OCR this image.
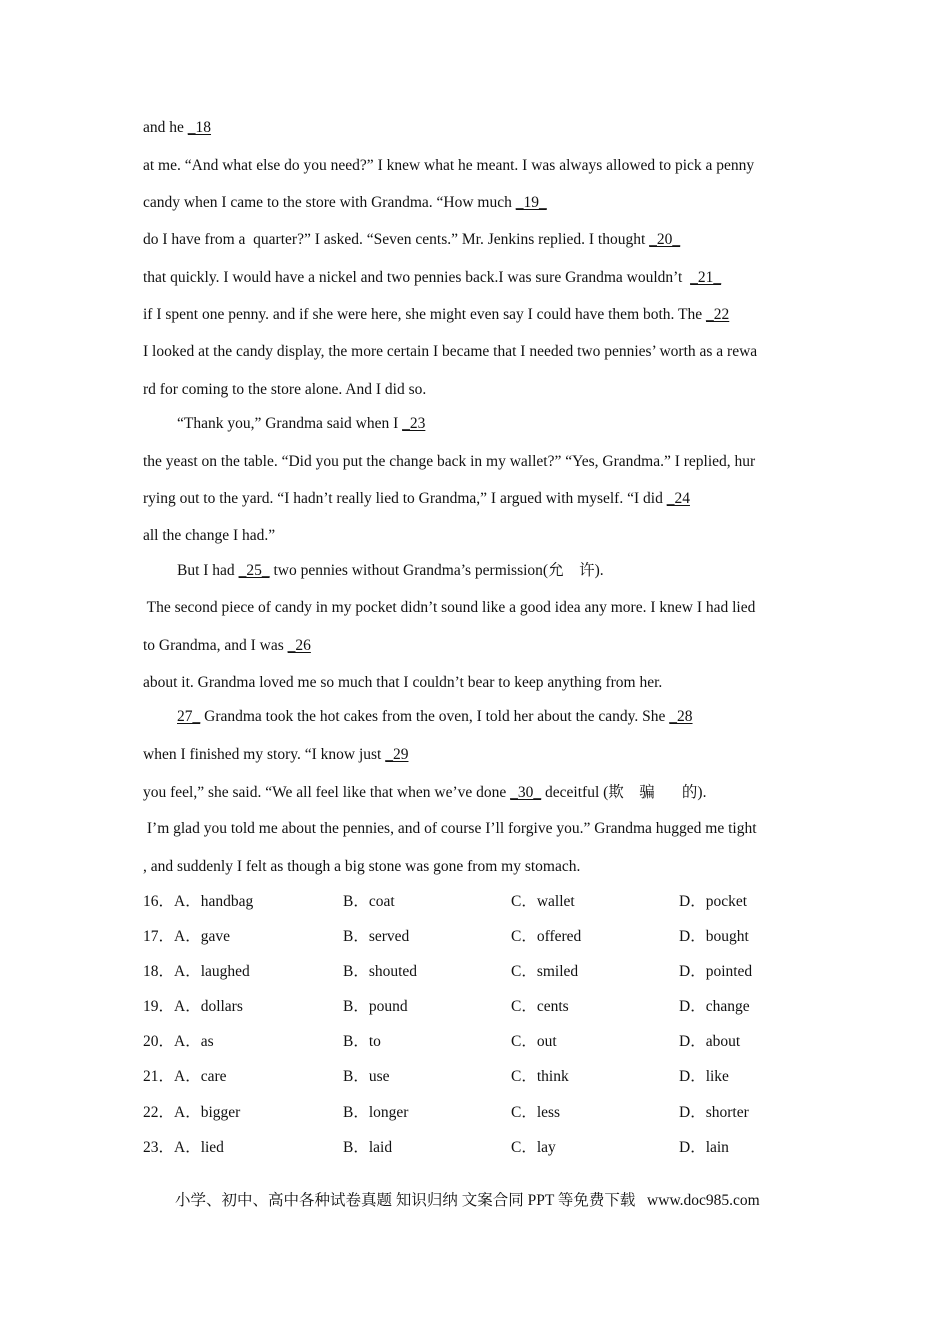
and he _18
at me. “And what else do you need?” I knew what he meant. I was always allowed to pick a penny
candy when I came to the store with Grandma. “How much _19_
do I have from a  quarter?” I asked. “Seven cents.” Mr. Jenkins replied. I thought _20_
that quickly. I would have a nickel and two pennies back.I was sure Grandma wouldn’t  _21_
if I spent one penny. and if she were here, she might even say I could have them both. The _22
I looked at the candy display, the more certain I became that I needed two pennies’ worth as a rewa
rd for coming to the store alone. And I did so.
“Thank you,” Grandma said when I _23
the yeast on the table. “Did you put the change back in my wallet?” “Yes, Grandma.” I replied, hur
rying out to the yard. “I hadn’t really lied to Grandma,” I argued with myself. “I did _24
all the change I had.”
But I had _25_ two pennies without Grandma’s permission(允    许).
The second piece of candy in my pocket didn’t sound like a good idea any more. I knew I had lied
to Grandma, and I was _26
about it. Grandma loved me so much that I couldn’t bear to keep anything from her.
27_ Grandma took the hot cakes from the oven, I told her about the candy. She _28
when I finished my story. “I know just _29
you feel,” she said. “We all feel like that when we’ve done _30_ deceitful (欺    骗       的).
I’m glad you told me about the pennies, and of course I’ll forgive you.” Grandma hugged me tight
, and suddenly I felt as though a big stone was gone from my stomach.
16．A．handbag	B．coat	C．wallet	D．pocket
17．A．gave	B．served	C．offered	D．bought
18．A．laughed	B．shouted	C．smiled	D．pointed
19．A．dollars	B．pound	C．cents	D．change
20．A．as	B．to	C．out	D．about
21．A．care	B．use	C．think	D．like
22．A．bigger	B．longer	C．less	D．shorter
23．A．lied	B．laid	C．lay	D．lain
小学、初中、高中各种试卷真题 知识归纳 文案合同 PPT 等免费下载   www.doc985.com
